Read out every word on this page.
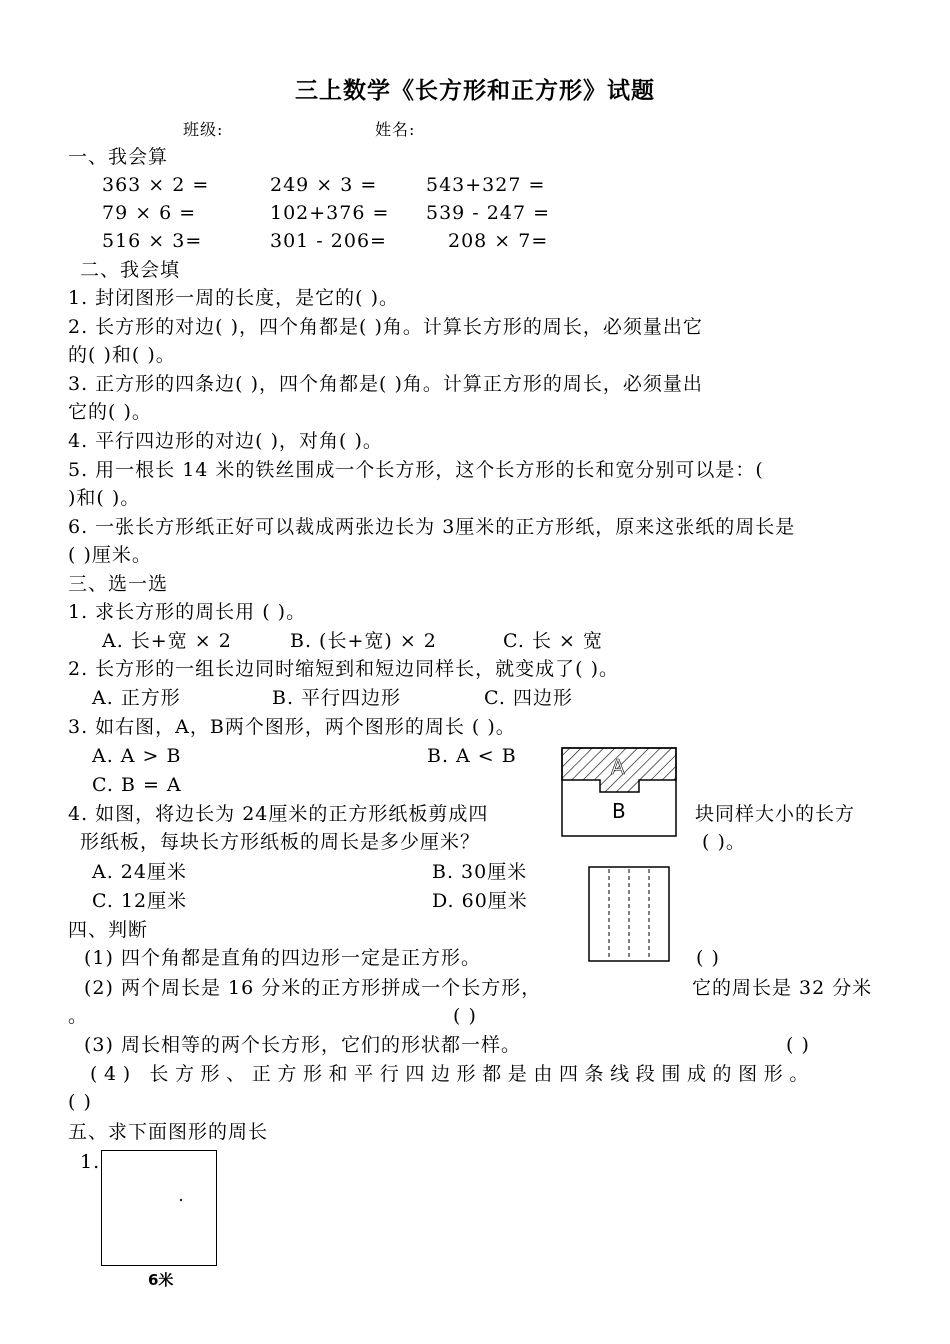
三上数学《长方形和正方形》试题
班级:	姓名:
一、我会算
363 × 2 =	249 × 3 =	543+327 =
79 × 6 =	102+376 = 539 - 247 =
516 × 3=	301 - 206=	208 × 7=
二、我会填
1. 封闭图形一周的长度，是它的( )。
2. 长方形的对边( )，四个角都是( )角。计算长方形的周长，必须量出它
的( )和( )。
3. 正方形的四条边( )，四个角都是( )角。计算正方形的周长，必须量出
它的( )。
4. 平行四边形的对边( )，对角( )。
5. 用一根长 14 米的铁丝围成一个长方形，这个长方形的长和宽分别可以是：(
)和( )。
6. 一张长方形纸正好可以裁成两张边长为 3厘米的正方形纸，原来这张纸的周长是
( )厘米。
三、选一选
1. 求长方形的周长用 ( )。
A. 长+宽 × 2	B. (长+宽) × 2	C. 长 × 宽
2. 长方形的一组长边同时缩短到和短边同样长，就变成了( )。
A. 正方形	B. 平行四边形	C. 四边形
3. 如右图，A，B两个图形，两个图形的周长 ( )。
A. A > B	B. A < B
C. B = A
A
B
4. 如图，将边长为 24厘米的正方形纸板剪成四	块同样大小的长方
形纸板，每块长方形纸板的周长是多少厘米？	( )。
A. 24厘米	B. 30厘米
C. 12厘米	D. 60厘米
四、判断
(1) 四个角都是直角的四边形一定是正方形。	( )
(2) 两个周长是 16 分米的正方形拼成一个长方形，	它的周长是 32 分米
。	( )
(3) 周长相等的两个长方形，它们的形状都一样。	( )
(4) 长方形、正方形和平行四边形都是由四条线段围成的图形。
( )
五、求下面图形的周长
1.
6米
